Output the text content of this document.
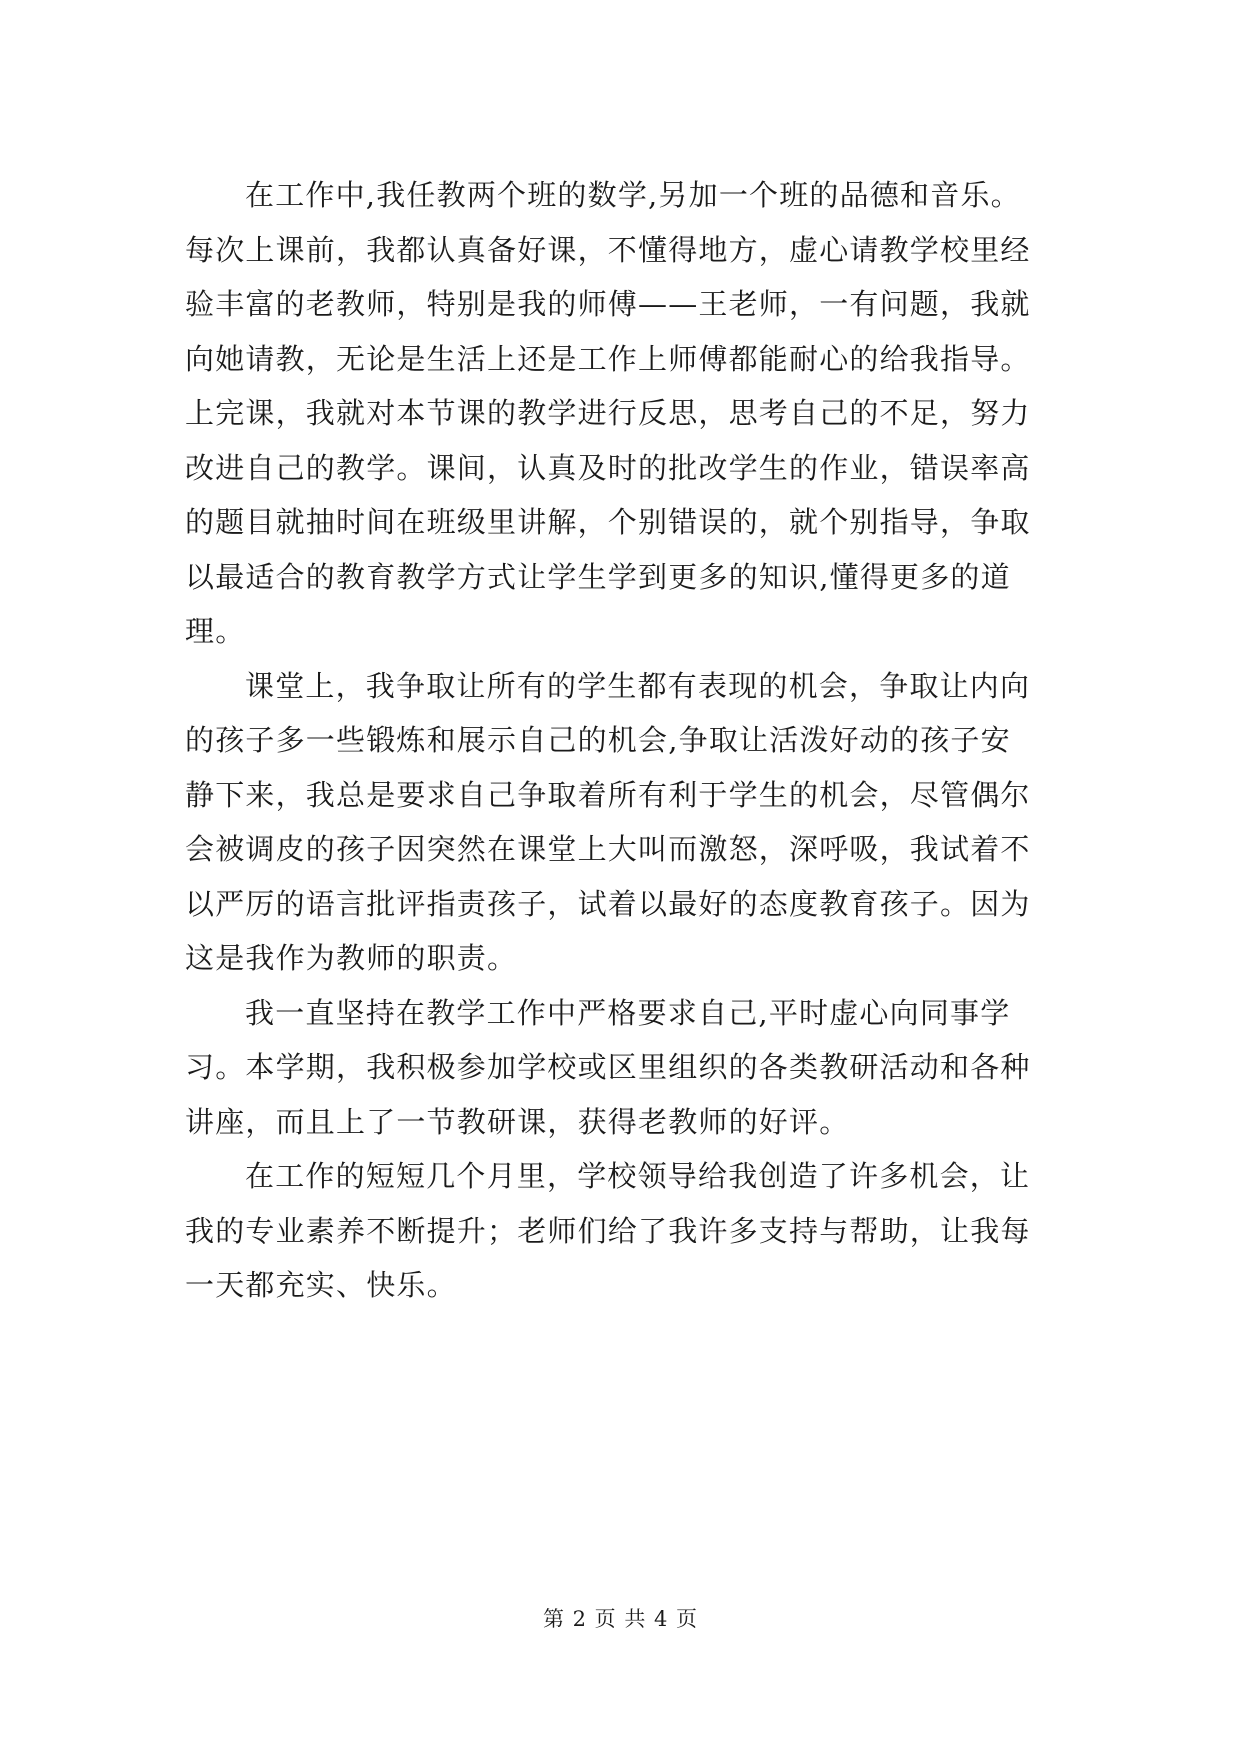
在工作中,我任教两个班的数学,另加一个班的品德和音乐。
每次上课前，我都认真备好课，不懂得地方，虚心请教学校里经
验丰富的老教师，特别是我的师傅——王老师，一有问题，我就
向她请教，无论是生活上还是工作上师傅都能耐心的给我指导。
上完课，我就对本节课的教学进行反思，思考自己的不足，努力
改进自己的教学。课间，认真及时的批改学生的作业，错误率高
的题目就抽时间在班级里讲解，个别错误的，就个别指导，争取
以最适合的教育教学方式让学生学到更多的知识,懂得更多的道
理。
课堂上，我争取让所有的学生都有表现的机会，争取让内向
的孩子多一些锻炼和展示自己的机会,争取让活泼好动的孩子安
静下来，我总是要求自己争取着所有利于学生的机会，尽管偶尔
会被调皮的孩子因突然在课堂上大叫而激怒，深呼吸，我试着不
以严厉的语言批评指责孩子，试着以最好的态度教育孩子。因为
这是我作为教师的职责。
我一直坚持在教学工作中严格要求自己,平时虚心向同事学
习。本学期，我积极参加学校或区里组织的各类教研活动和各种
讲座，而且上了一节教研课，获得老教师的好评。
在工作的短短几个月里，学校领导给我创造了许多机会，让
我的专业素养不断提升；老师们给了我许多支持与帮助，让我每
一天都充实、快乐。
第 2 页 共 4 页
